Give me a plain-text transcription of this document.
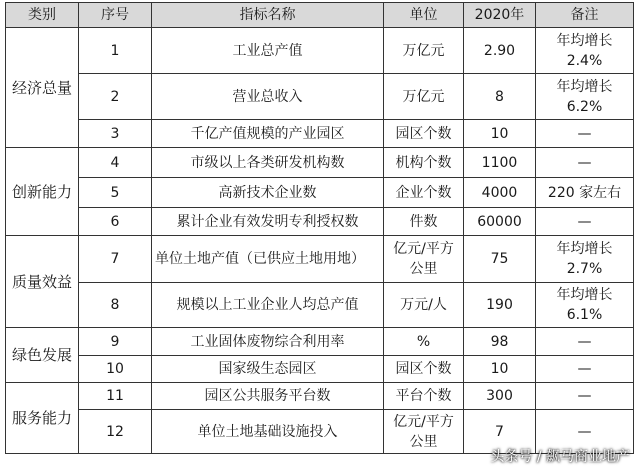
类别	序号	指标名称	单位	2020年	备注
经济总量	1	工业总产值	万亿元	2.90	年均增长 2.4%
	2	营业总收入	万亿元	8	年均增长 6.2%
	3	千亿产值规模的产业园区	园区个数	10	—
创新能力	4	市级以上各类研发机构数	机构个数	1100	—
	5	高新技术企业数	企业个数	4000	220 家左右
	6	累计企业有效发明专利授权数	件数	60000	—
质量效益	7	单位土地产值（已供应土地用地）	亿元/平方公里	75	年均增长 2.7%
	8	规模以上工业企业人均总产值	万元/人	190	年均增长 6.1%
绿色发展	9	工业固体废物综合利用率	%	98	—
	10	国家级生态园区	园区个数	10	—
服务能力	11	园区公共服务平台数	平台个数	300	—
	12	单位土地基础设施投入	亿元/平方公里	7	—
头条号 / 飙马商业地产
